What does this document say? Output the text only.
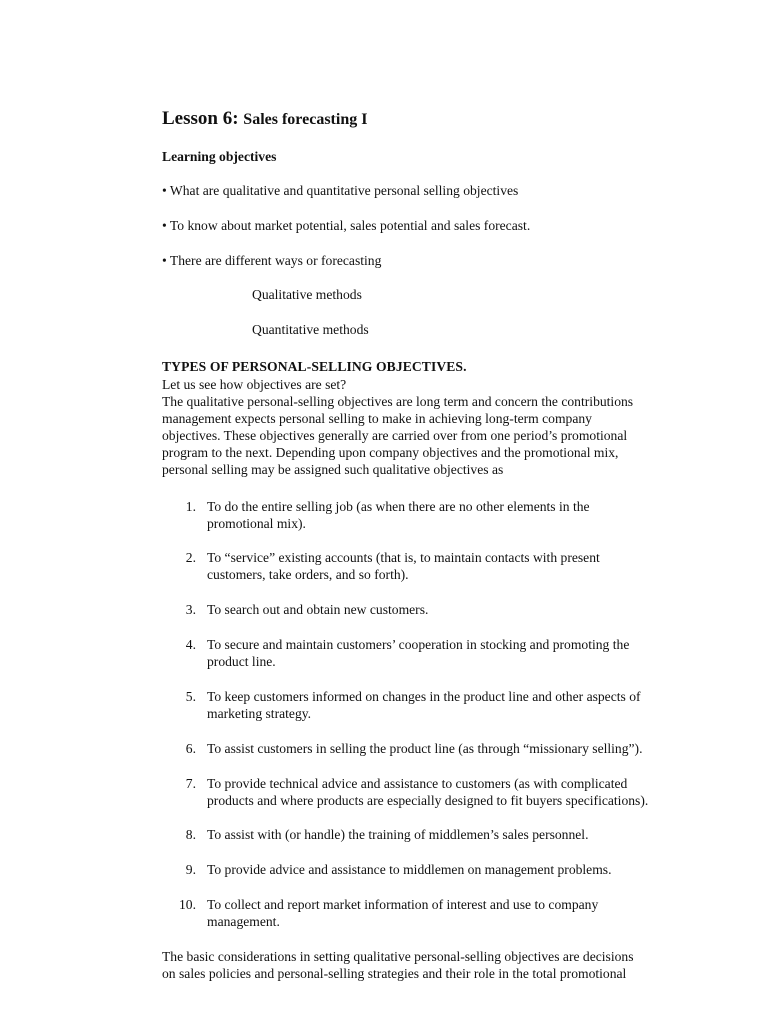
Lesson 6: Sales forecasting I
Learning objectives
• What are qualitative and quantitative personal selling objectives
• To know about market potential, sales potential and sales forecast.
• There are different ways or forecasting
Qualitative methods
Quantitative methods
TYPES OF PERSONAL-SELLING OBJECTIVES.
Let us see how objectives are set?
The qualitative personal-selling objectives are long term and concern the contributions
management expects personal selling to make in achieving long-term company
objectives. These objectives generally are carried over from one period’s promotional
program to the next. Depending upon company objectives and the promotional mix,
personal selling may be assigned such qualitative objectives as
1. To do the entire selling job (as when there are no other elements in the
promotional mix).
2. To “service” existing accounts (that is, to maintain contacts with present
customers, take orders, and so forth).
3. To search out and obtain new customers.
4. To secure and maintain customers’ cooperation in stocking and promoting the
product line.
5. To keep customers informed on changes in the product line and other aspects of
marketing strategy.
6. To assist customers in selling the product line (as through “missionary selling”).
7. To provide technical advice and assistance to customers (as with complicated
products and where products are especially designed to fit buyers specifications).
8. To assist with (or handle) the training of middlemen’s sales personnel.
9. To provide advice and assistance to middlemen on management problems.
10. To collect and report market information of interest and use to company
management.
The basic considerations in setting qualitative personal-selling objectives are decisions
on sales policies and personal-selling strategies and their role in the total promotional
